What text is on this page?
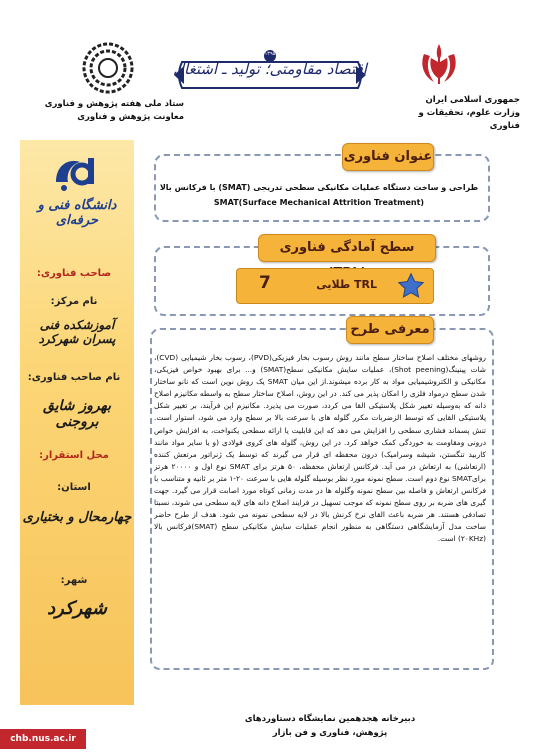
جمهوری اسلامی ایران
وزارت علوم، تحقیقات و فناوری
۱۳۹۵
اقتصاد مقاومتی؛ تولید ـ اشتغال
ستاد ملی هفته پژوهش و فناوری
معاونت پژوهش و فناوری
دانشگاه فنی و حرفه‌ای
صاحب فناوری:
نام مرکز:
آموزشکده فنی پسران شهرکرد
نام صاحب فناوری:
بهروز شایق بروجنی
محل استقرار:
استان:
چهارمحال و بختیاری
شهر:
شهرکرد
عنوان فناوری
طراحی و ساخت دستگاه عملیات مکانیکی سطحی تدریجی (SMAT) با فرکانس بالا
SMAT(Surface Mechanical Attrition Treatment)
سطح آمادگی فناوری
7	TRL طلایی
معرفی طرح
روشهای مختلف اصلاح ساختار سطح مانند روش رسوب بخار فیزیکی(PVD)، رسوب بخار شیمیایی (CVD)، شات پینینگ(Shot peening)، عملیات سایش مکانیکی سطح(SMAT) و... برای بهبود خواص فیزیکی، مکانیکی و الکتروشیمیایی مواد به کار برده میشوند.از این میان SMAT یک روش نوین است که نانو ساختار شدن سطح درمواد فلزی را امکان پذیر می کند. در این روش، اصلاح ساختار سطح به واسطه مکانیزم اصلاح دانه که به‌وسیله تغییر شکل پلاستیکی القا می کردد، صورت می پذیرد. مکانیزم این فرآیند، بر تغییر شکل پلاستیکی القایی که توسط الزضربات مکرر گلوله های با سرعت بالا بر سطح وارد می شود، استوار است. تنش پسماند فشاری سطحی را افزایش می دهد که این قابلیت یا ارائه سطحی یکنواخت، به افزایش خواص درونی ومقاومت به خوردگی کمک خواهد کرد. در این روش، گلوله های کروی فولادی (و یا سایر مواد مانند کاربید تنگستن، شیشه وسرامیک) درون محفظه ای قرار می گیرند که توسط یک ژنراتور مرتعش کننده (ارتعاشی) به ارتعاش در می آید. فرکانس ارتعاش محفظه، ۵۰ هرتز برای SMAT نوع اول و ۲۰۰۰۰ هرتز برایSMAT نوع دوم است. سطح نمونه مورد نظر بوسیله گلوله هایی با سرعت ۲۰-۱ متر بر ثانیه و متناسب با فرکانس ارتعاش و فاصله بین سطح نمونه وگلوله ها در مدت زمانی کوتاه مورد اصابت قرار می گیرد. جهت گیری های ضربه بر روی سطح نمونه که موجب تسهیل در فرایند اصلاح دانه های لایه سطحی می شوند، نسبتا تصادفی هستند. هر ضربه باعث القای نرخ کرنش بالا در لایه سطحی نمونه می شود. هدف از طرح حاضر ساخت مدل آزمایشگاهی دستگاهی به منظور انجام عملیات سایش مکانیکی سطح (SMAT)فرکانس بالا (۲۰KHz) است.
دبیرخانه هجدهمین نمایشگاه دستاوردهای
پژوهش، فناوری و فن بازار
chb.nus.ac.ir
